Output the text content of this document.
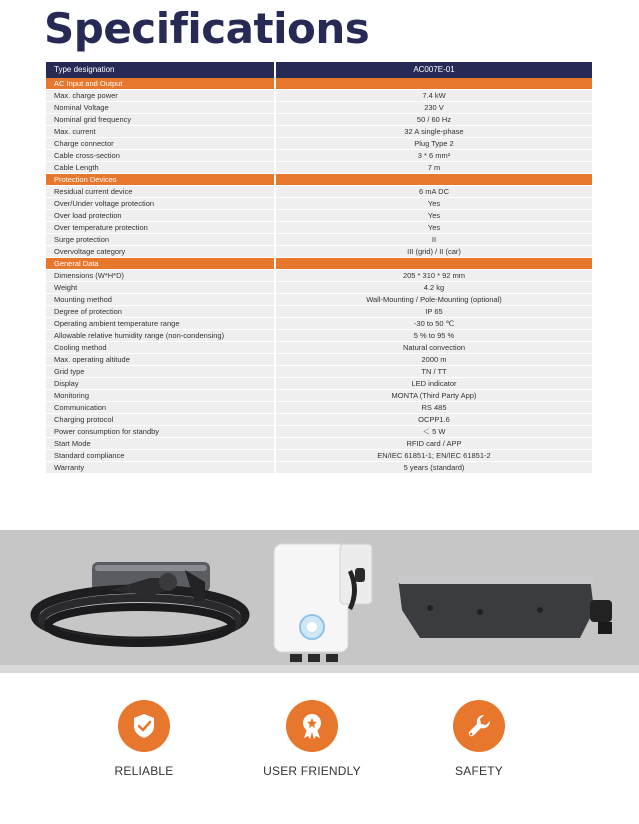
Specifications
Type designation	AC007E-01
AC Input and Output
Max. charge power	7.4 kW
Nominal Voltage	230 V
Nominal grid frequency	50 / 60 Hz
Max. current	32 A single-phase
Charge connector	Plug Type 2
Cable cross-section	3 * 6 mm²
Cable Length	7 m
Protection Devices
Residual current device	6 mA DC
Over/Under voltage protection	Yes
Over load protection	Yes
Over temperature protection	Yes
Surge protection	II
Overvoltage category	III (grid) / II (car)
General Data
Dimensions (W*H*D)	205 * 310 * 92 mm
Weight	4.2 kg
Mounting method	Wall-Mounting / Pole-Mounting (optional)
Degree of protection	IP 65
Operating ambient temperature range	-30 to 50 ℃
Allowable relative humidity range (non-condensing)	5 % to 95 %
Cooling method	Natural convection
Max. operating altitude	2000 m
Grid type	TN / TT
Display	LED indicator
Monitoring	MONTA (Third Party App)
Communication	RS 485
Charging protocol	OCPP1.6
Power consumption for standby	＜ 5 W
Start Mode	RFID card / APP
Standard compliance	EN/IEC 61851-1; EN/IEC 61851-2
Warranty	5 years (standard)
RELIABLE	USER FRIENDLY	SAFETY
